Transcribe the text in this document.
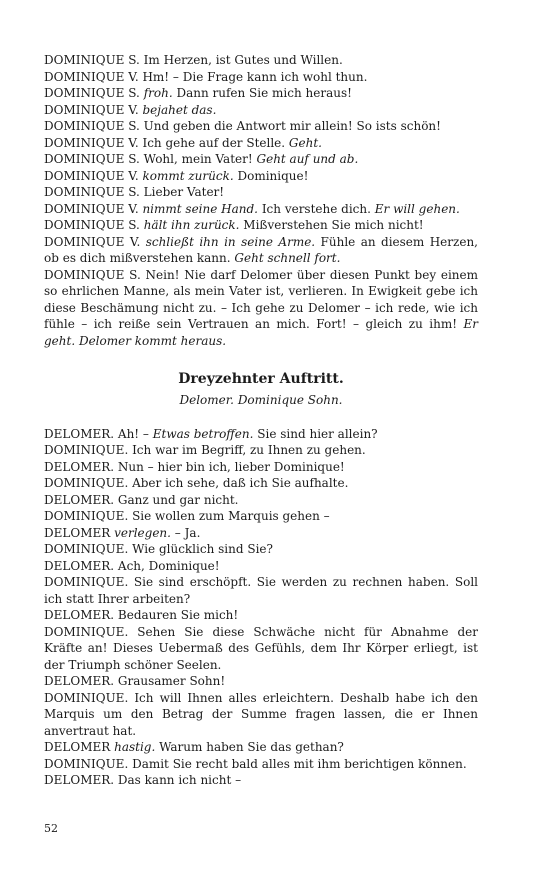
DOMINIQUE S. Im Herzen, ist Gutes und Willen.

DOMINIQUE V. Hm! – Die Frage kann ich wohl thun.

DOMINIQUE S. froh. Dann rufen Sie mich heraus!

DOMINIQUE V. bejahet das.

DOMINIQUE S. Und geben die Antwort mir allein! So ists schön!

DOMINIQUE V. Ich gehe auf der Stelle. Geht.

DOMINIQUE S. Wohl, mein Vater! Geht auf und ab.

DOMINIQUE V. kommt zurück. Dominique!

DOMINIQUE S. Lieber Vater!

DOMINIQUE V. nimmt seine Hand. Ich verstehe dich. Er will gehen.

DOMINIQUE S. hält ihn zurück. Mißverstehen Sie mich nicht!

DOMINIQUE V. schließt ihn in seine Arme. Fühle an diesem Herzen, ob es dich mißverstehen kann. Geht schnell fort.

DOMINIQUE S. Nein! Nie darf Delomer über diesen Punkt bey einem so ehrlichen Manne, als mein Vater ist, verlieren. In Ewigkeit gebe ich diese Beschämung nicht zu. – Ich gehe zu Delomer – ich rede, wie ich fühle – ich reiße sein Vertrauen an mich. Fort! – gleich zu ihm! Er geht. Delomer kommt heraus.

Dreyzehnter Auftritt.
Delomer. Dominique Sohn.

DELOMER. Ah! – Etwas betroffen. Sie sind hier allein?

DOMINIQUE. Ich war im Begriff, zu Ihnen zu gehen.

DELOMER. Nun – hier bin ich, lieber Dominique!

DOMINIQUE. Aber ich sehe, daß ich Sie aufhalte.

DELOMER. Ganz und gar nicht.

DOMINIQUE. Sie wollen zum Marquis gehen –

DELOMER verlegen. – Ja.

DOMINIQUE. Wie glücklich sind Sie?

DELOMER. Ach, Dominique!

DOMINIQUE. Sie sind erschöpft. Sie werden zu rechnen haben. Soll ich statt Ihrer arbeiten?

DELOMER. Bedauren Sie mich!

DOMINIQUE. Sehen Sie diese Schwäche nicht für Abnahme der Kräfte an! Dieses Uebermaß des Gefühls, dem Ihr Körper erliegt, ist der Triumph schöner Seelen.

DELOMER. Grausamer Sohn!

DOMINIQUE. Ich will Ihnen alles erleichtern. Deshalb habe ich den Marquis um den Betrag der Summe fragen lassen, die er Ihnen anvertraut hat.

DELOMER hastig. Warum haben Sie das gethan?

DOMINIQUE. Damit Sie recht bald alles mit ihm berichtigen können.

DELOMER. Das kann ich nicht –

52
